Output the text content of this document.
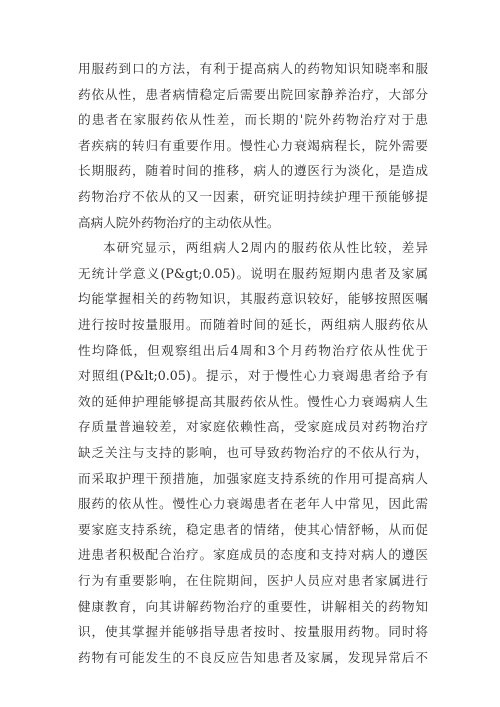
用服药到口的方法，有利于提高病人的药物知识知晓率和服
药依从性，患者病情稳定后需要出院回家静养治疗，大部分
的患者在家服药依从性差，而长期的'院外药物治疗对于患
者疾病的转归有重要作用。慢性心力衰竭病程长，院外需要
长期服药，随着时间的推移，病人的遵医行为淡化，是造成
药物治疗不依从的又一因素，研究证明持续护理干预能够提
高病人院外药物治疗的主动依从性。
本研究显示，两组病人2周内的服药依从性比较，差异
无统计学意义(P&gt;0.05)。说明在服药短期内患者及家属
均能掌握相关的药物知识，其服药意识较好，能够按照医嘱
进行按时按量服用。而随着时间的延长，两组病人服药依从
性均降低，但观察组出后4周和3个月药物治疗依从性优于
对照组(P&lt;0.05)。提示，对于慢性心力衰竭患者给予有
效的延伸护理能够提高其服药依从性。慢性心力衰竭病人生
存质量普遍较差，对家庭依赖性高，受家庭成员对药物治疗
缺乏关注与支持的影响，也可导致药物治疗的不依从行为，
而采取护理干预措施，加强家庭支持系统的作用可提高病人
服药的依从性。慢性心力衰竭患者在老年人中常见，因此需
要家庭支持系统，稳定患者的情绪，使其心情舒畅，从而促
进患者积极配合治疗。家庭成员的态度和支持对病人的遵医
行为有重要影响，在住院期间，医护人员应对患者家属进行
健康教育，向其讲解药物治疗的重要性，讲解相关的药物知
识，使其掌握并能够指导患者按时、按量服用药物。同时将
药物有可能发生的不良反应告知患者及家属，发现异常后不
